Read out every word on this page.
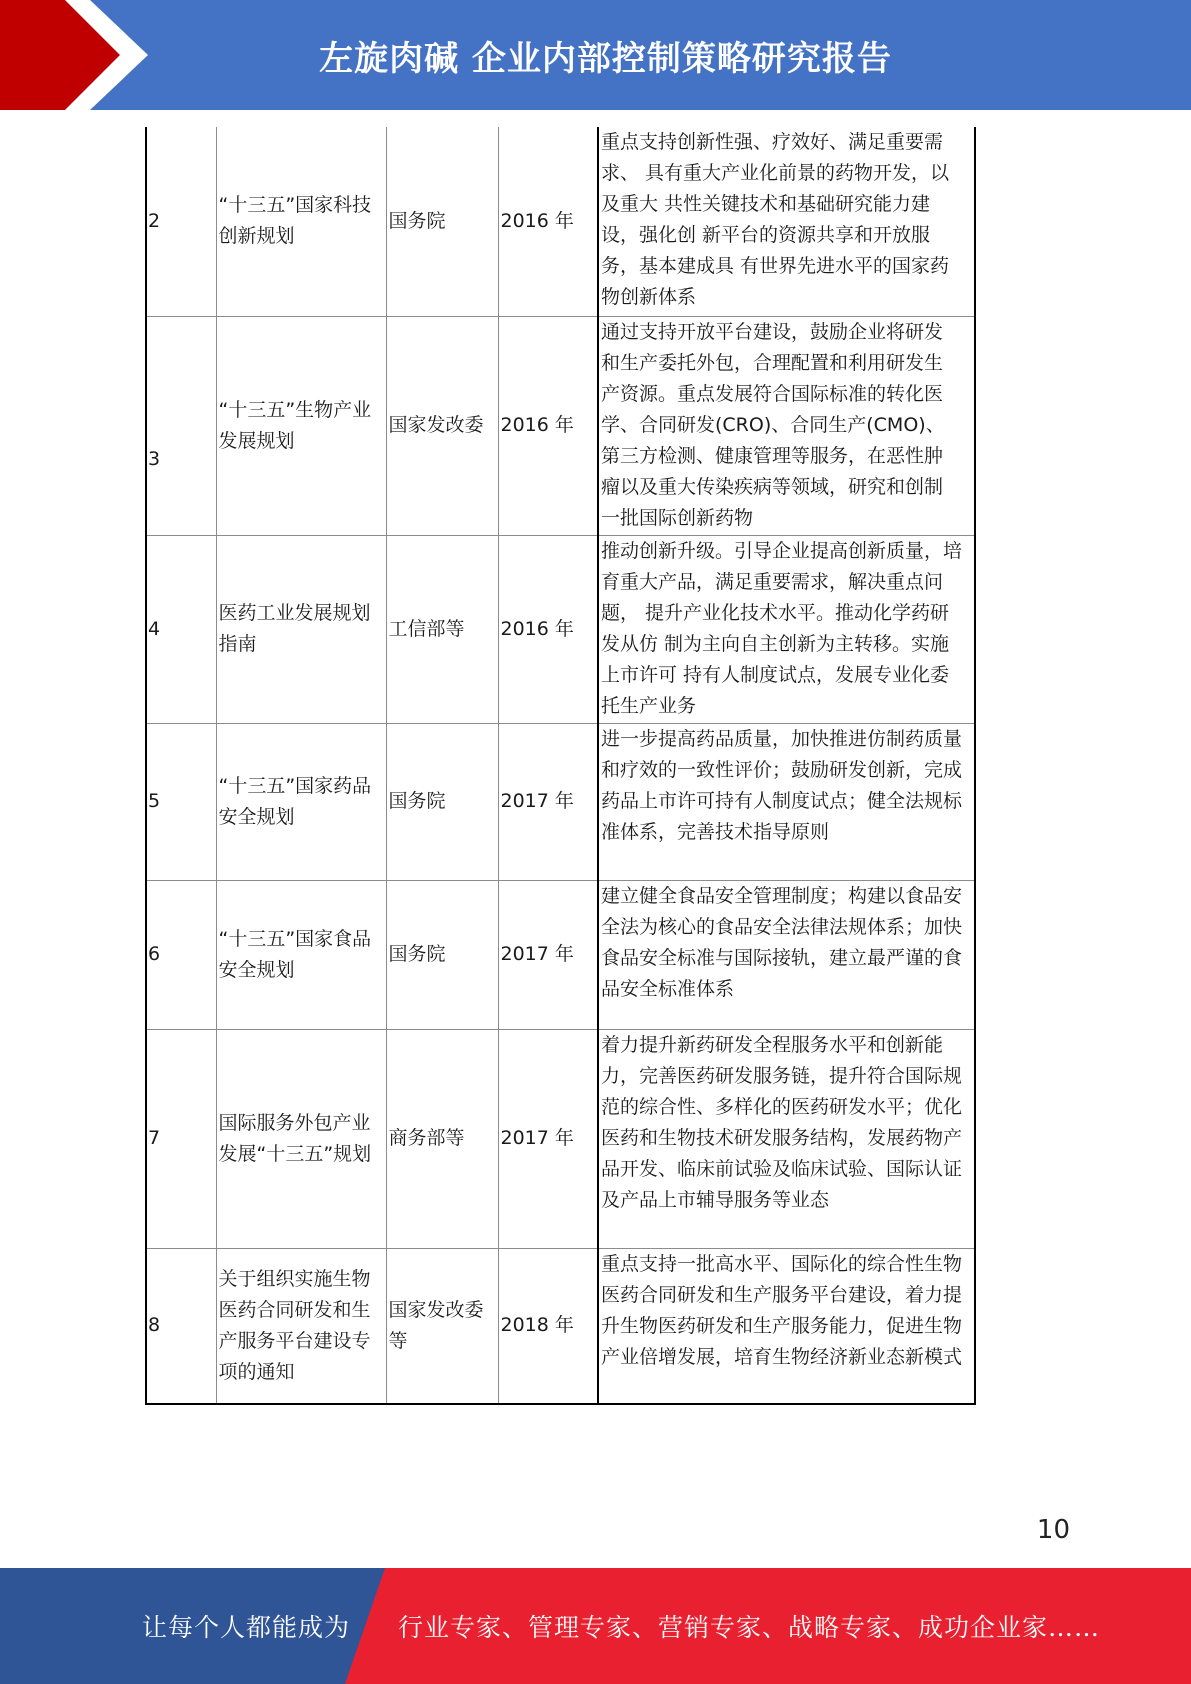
左旋肉碱 企业内部控制策略研究报告
2	“十三五”国家科技创新规划	国务院	2016 年	重点支持创新性强、疗效好、满足重要需求、 具有重大产业化前景的药物开发，以及重大 共性关键技术和基础研究能力建设，强化创 新平台的资源共享和开放服务，基本建成具 有世界先进水平的国家药物创新体系
3	“十三五”生物产业发展规划	国家发改委	2016 年	通过支持开放平台建设，鼓励企业将研发 和生产委托外包，合理配置和利用研发生 产资源。重点发展符合国际标准的转化医 学、合同研发(CRO)、合同生产(CMO)、 第三方检测、健康管理等服务，在恶性肿 瘤以及重大传染疾病等领域，研究和创制 一批国际创新药物
4	医药工业发展规划指南	工信部等	2016 年	推动创新升级。引导企业提高创新质量，培 育重大产品，满足重要需求，解决重点问题， 提升产业化技术水平。推动化学药研发从仿 制为主向自主创新为主转移。实施上市许可 持有人制度试点，发展专业化委托生产业务
5	“十三五”国家药品安全规划	国务院	2017 年	进一步提高药品质量，加快推进仿制药质量 和疗效的一致性评价；鼓励研发创新，完成 药品上市许可持有人制度试点；健全法规标 准体系，完善技术指导原则
6	“十三五”国家食品安全规划	国务院	2017 年	建立健全食品安全管理制度；构建以食品安 全法为核心的食品安全法律法规体系；加快 食品安全标准与国际接轨，建立最严谨的食 品安全标准体系
7	国际服务外包产业发展“十三五”规划	商务部等	2017 年	着力提升新药研发全程服务水平和创新能 力，完善医药研发服务链，提升符合国际规 范的综合性、多样化的医药研发水平；优化 医药和生物技术研发服务结构，发展药物产 品开发、临床前试验及临床试验、国际认证 及产品上市辅导服务等业态
8	关于组织实施生物医药合同研发和生产服务平台建设专项的通知	国家发改委等	2018 年	重点支持一批高水平、国际化的综合性生物 医药合同研发和生产服务平台建设，着力提 升生物医药研发和生产服务能力，促进生物 产业倍增发展，培育生物经济新业态新模式
10
让每个人都能成为 行业专家、管理专家、营销专家、战略专家、成功企业家……
